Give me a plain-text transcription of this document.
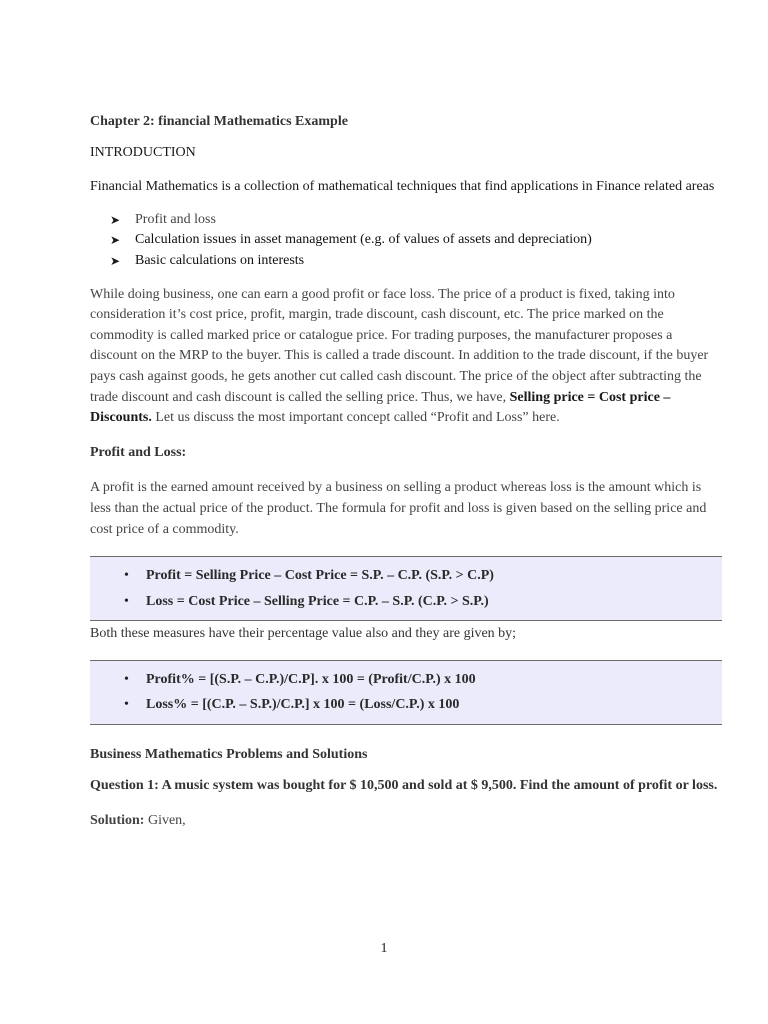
Chapter 2: financial Mathematics Example

INTRODUCTION

Financial Mathematics is a collection of mathematical techniques that find applications in Finance related areas

➤ Profit and loss
➤ Calculation issues in asset management (e.g. of values of assets and depreciation)
➤ Basic calculations on interests

While doing business, one can earn a good profit or face loss. The price of a product is fixed, taking into consideration it’s cost price, profit, margin, trade discount, cash discount, etc. The price marked on the commodity is called marked price or catalogue price. For trading purposes, the manufacturer proposes a discount on the MRP to the buyer. This is called a trade discount. In addition to the trade discount, if the buyer pays cash against goods, he gets another cut called cash discount. The price of the object after subtracting the trade discount and cash discount is called the selling price. Thus, we have, Selling price = Cost price – Discounts. Let us discuss the most important concept called “Profit and Loss” here.

Profit and Loss:

A profit is the earned amount received by a business on selling a product whereas loss is the amount which is less than the actual price of the product. The formula for profit and loss is given based on the selling price and cost price of a commodity.

• Profit = Selling Price – Cost Price = S.P. – C.P. (S.P. > C.P)
• Loss = Cost Price – Selling Price = C.P. – S.P. (C.P. > S.P.)

Both these measures have their percentage value also and they are given by;

• Profit% = [(S.P. – C.P.)/C.P]. x 100 = (Profit/C.P.) x 100
• Loss% = [(C.P. – S.P.)/C.P.] x 100 = (Loss/C.P.) x 100

Business Mathematics Problems and Solutions

Question 1: A music system was bought for $ 10,500 and sold at $ 9,500. Find the amount of profit or loss.

Solution: Given,

1
